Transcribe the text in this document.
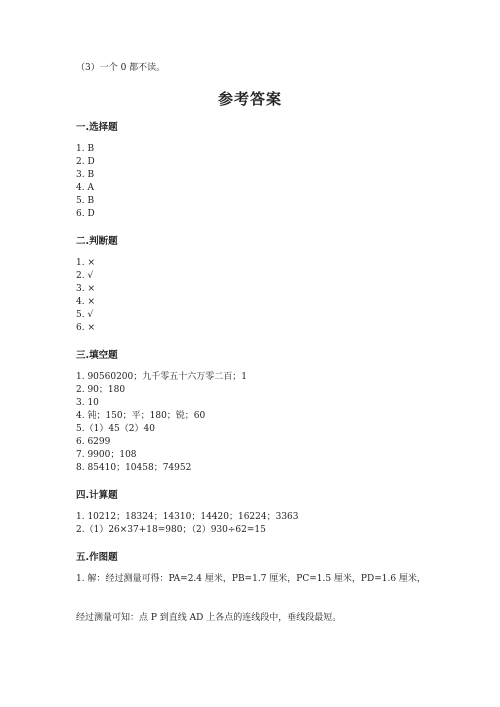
（3）一个 0 都不读。
参考答案
一.选择题
1. B
2. D
3. B
4. A
5. B
6. D
二.判断题
1. ×
2. √
3. ×
4. ×
5. √
6. ×
三.填空题
1. 90560200；九千零五十六万零二百；1
2. 90；180
3. 10
4. 钝；150；平；180；锐；60
5.（1）45（2）40
6. 6299
7. 9900；108
8. 85410；10458；74952
四.计算题
1. 10212；18324；14310；14420；16224；3363
2.（1）26×37+18=980；（2）930÷62=15
五.作图题
1. 解：经过测量可得：PA=2.4 厘米，PB=1.7 厘米，PC=1.5 厘米，PD=1.6 厘米，
经过测量可知：点 P 到直线 AD 上各点的连线段中，垂线段最短。
